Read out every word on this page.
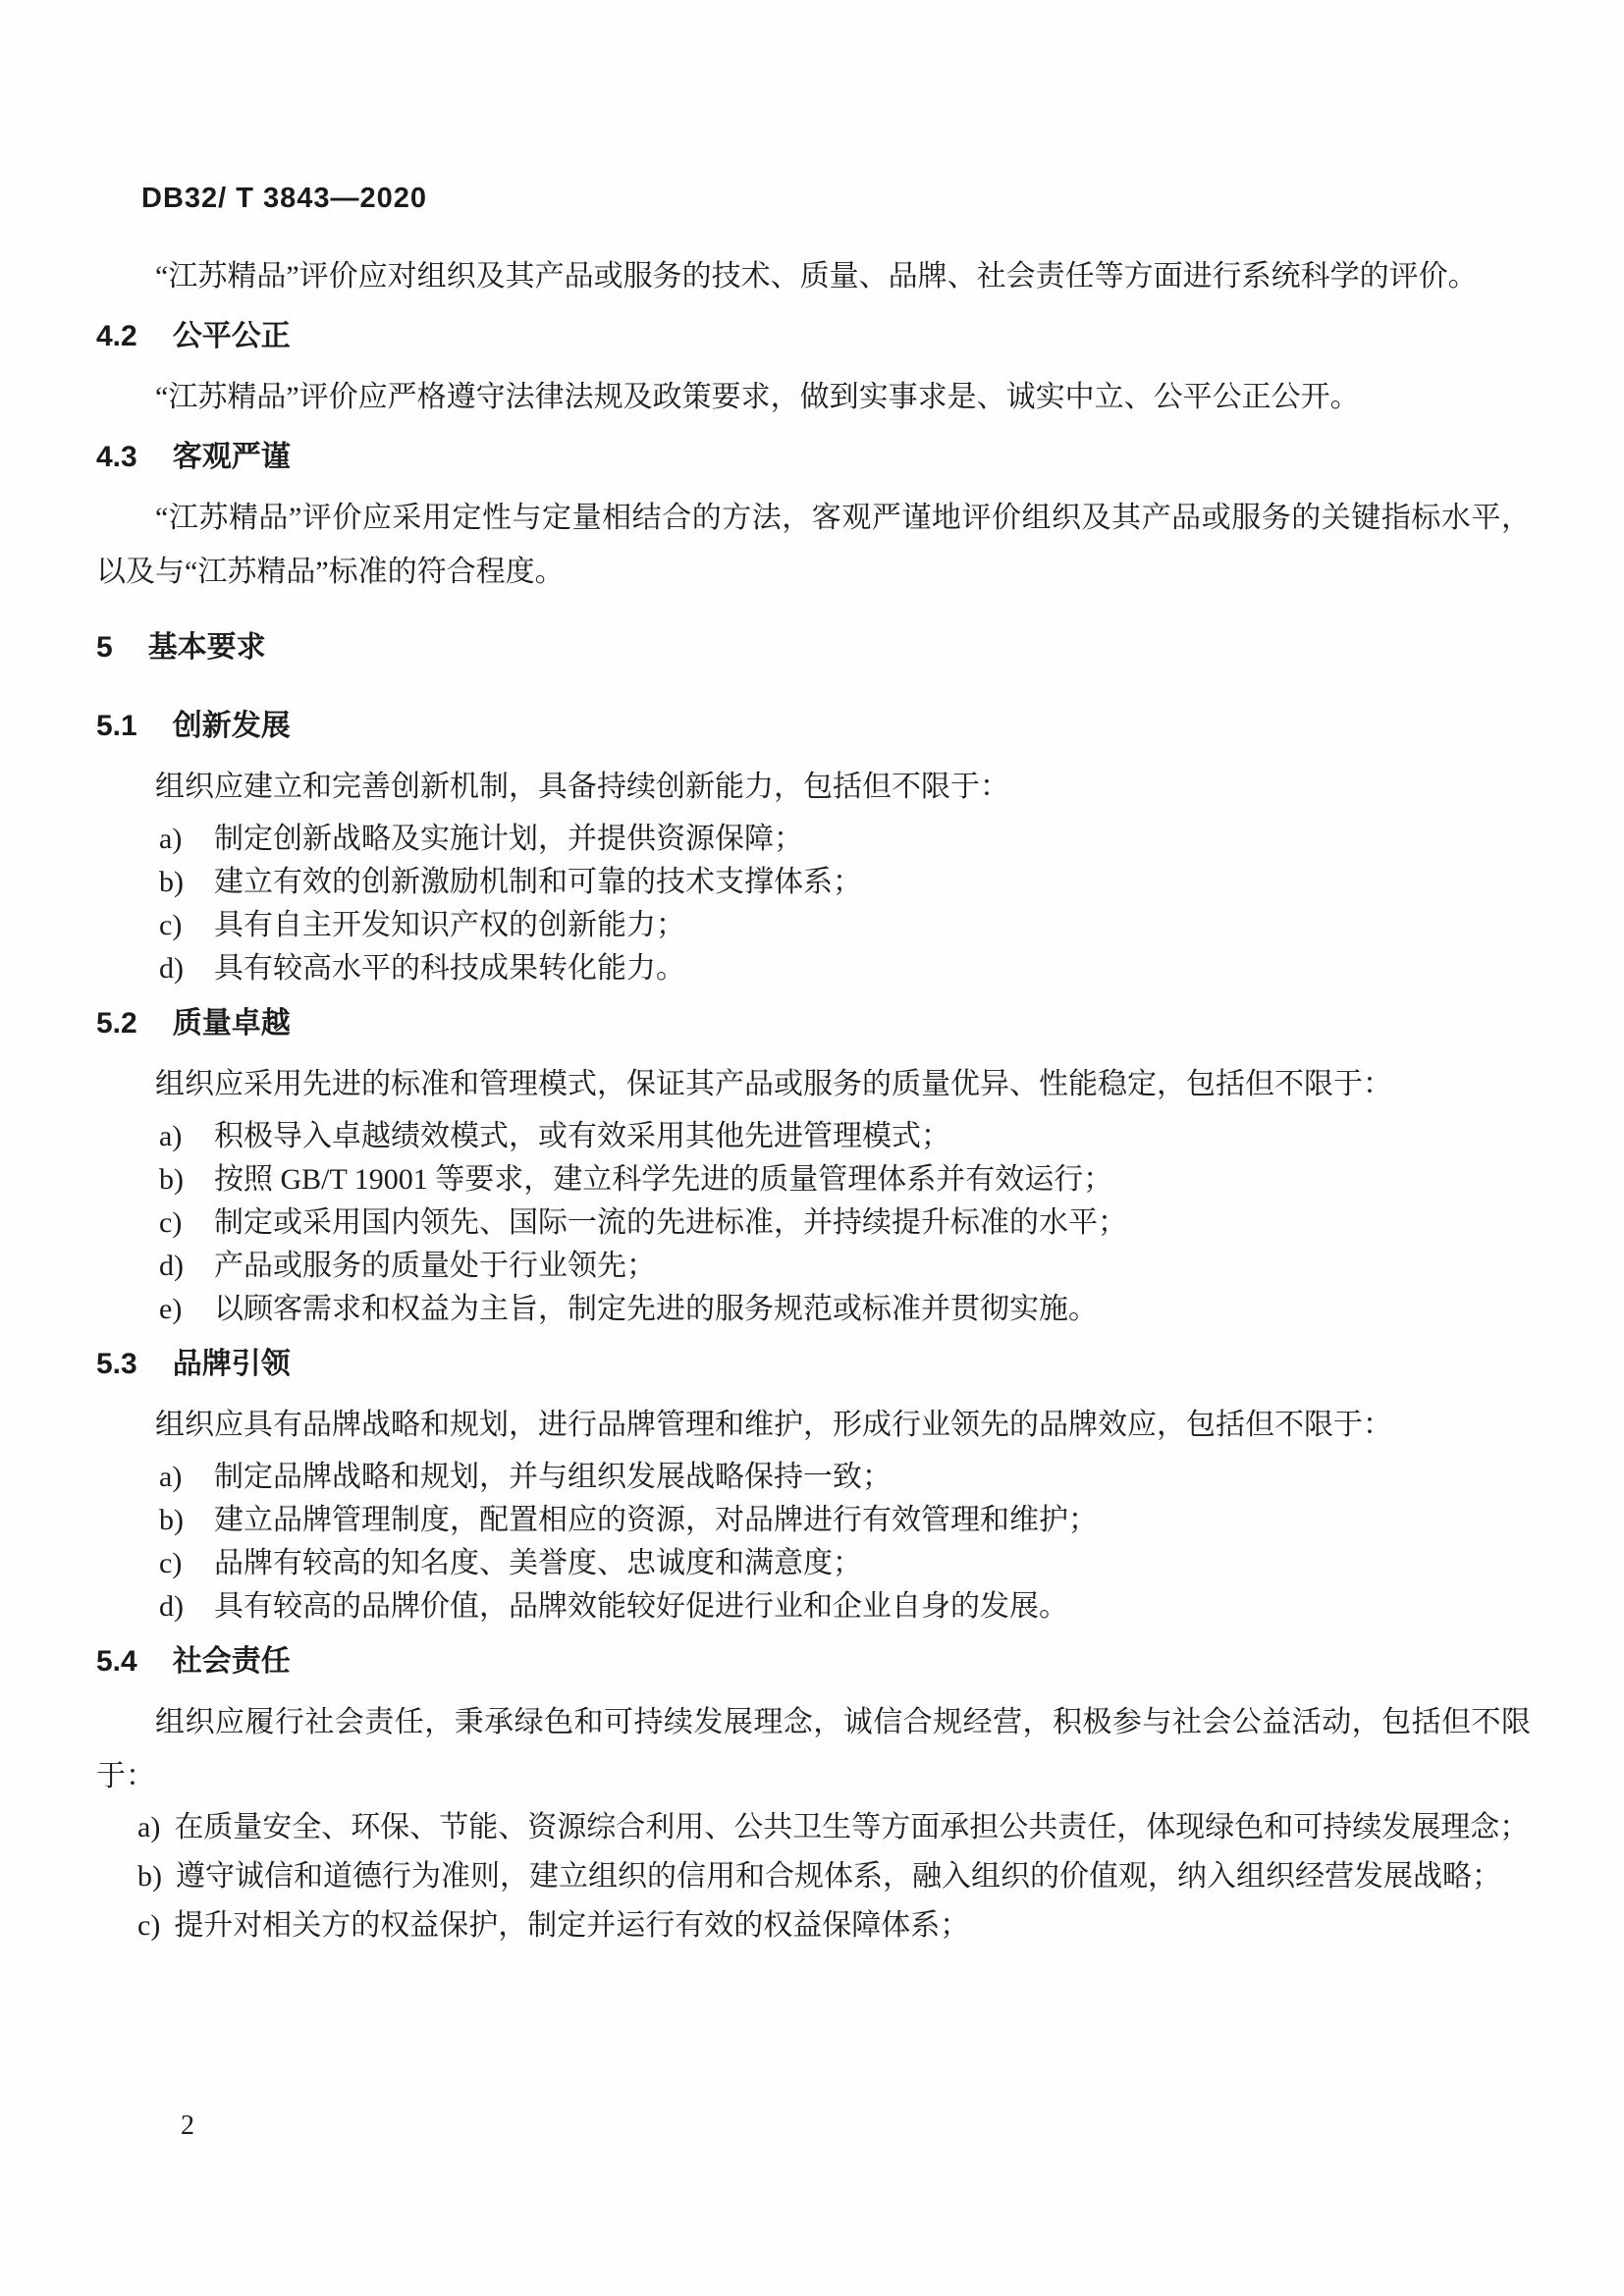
DB32/ T 3843—2020

“江苏精品”评价应对组织及其产品或服务的技术、质量、品牌、社会责任等方面进行系统科学的评价。

4.2 公平公正

“江苏精品”评价应严格遵守法律法规及政策要求，做到实事求是、诚实中立、公平公正公开。

4.3 客观严谨

“江苏精品”评价应采用定性与定量相结合的方法，客观严谨地评价组织及其产品或服务的关键指标水平，以及与“江苏精品”标准的符合程度。

5 基本要求
5.1 创新发展

组织应建立和完善创新机制，具备持续创新能力，包括但不限于：

a) 制定创新战略及实施计划，并提供资源保障；
b) 建立有效的创新激励机制和可靠的技术支撑体系；
c) 具有自主开发知识产权的创新能力；
d) 具有较高水平的科技成果转化能力。
5.2 质量卓越

组织应采用先进的标准和管理模式，保证其产品或服务的质量优异、性能稳定，包括但不限于：

a) 积极导入卓越绩效模式，或有效采用其他先进管理模式；
b) 按照 GB/T 19001 等要求，建立科学先进的质量管理体系并有效运行；
c) 制定或采用国内领先、国际一流的先进标准，并持续提升标准的水平；
d) 产品或服务的质量处于行业领先；
e) 以顾客需求和权益为主旨，制定先进的服务规范或标准并贯彻实施。
5.3 品牌引领

组织应具有品牌战略和规划，进行品牌管理和维护，形成行业领先的品牌效应，包括但不限于：

a) 制定品牌战略和规划，并与组织发展战略保持一致；
b) 建立品牌管理制度，配置相应的资源，对品牌进行有效管理和维护；
c) 品牌有较高的知名度、美誉度、忠诚度和满意度；
d) 具有较高的品牌价值，品牌效能较好促进行业和企业自身的发展。
5.4 社会责任

组织应履行社会责任，秉承绿色和可持续发展理念，诚信合规经营，积极参与社会公益活动，包括但不限于：

a) 在质量安全、环保、节能、资源综合利用、公共卫生等方面承担公共责任，体现绿色和可持续发展理念；

b) 遵守诚信和道德行为准则，建立组织的信用和合规体系，融入组织的价值观，纳入组织经营发展战略；

c) 提升对相关方的权益保护，制定并运行有效的权益保障体系；

2
